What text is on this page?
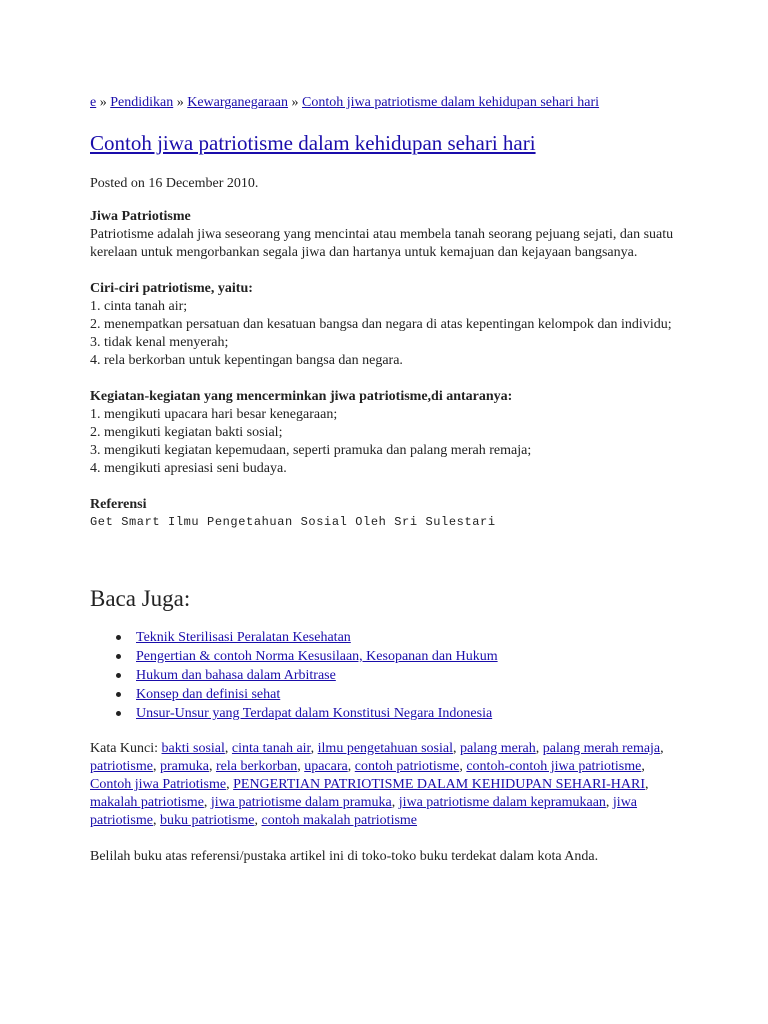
e » Pendidikan » Kewarganegaraan » Contoh jiwa patriotisme dalam kehidupan sehari hari
Contoh jiwa patriotisme dalam kehidupan sehari hari
Posted on 16 December 2010.
Jiwa Patriotisme

Patriotisme adalah jiwa seseorang yang mencintai atau membela tanah seorang pejuang sejati, dan suatu kerelaan untuk mengorbankan segala jiwa dan hartanya untuk kemajuan dan kejayaan bangsanya.

Ciri-ciri patriotisme, yaitu:

1. cinta tanah air;

2. menempatkan persatuan dan kesatuan bangsa dan negara di atas kepentingan kelompok dan individu;

3. tidak kenal menyerah;

4. rela berkorban untuk kepentingan bangsa dan negara.

Kegiatan-kegiatan yang mencerminkan jiwa patriotisme,di antaranya:

1. mengikuti upacara hari besar kenegaraan;

2. mengikuti kegiatan bakti sosial;

3. mengikuti kegiatan kepemudaan, seperti pramuka dan palang merah remaja;

4. mengikuti apresiasi seni budaya.

Referensi

Get Smart Ilmu Pengetahuan Sosial Oleh Sri Sulestari

Baca Juga:
Teknik Sterilisasi Peralatan Kesehatan
Pengertian & contoh Norma Kesusilaan, Kesopanan dan Hukum
Hukum dan bahasa dalam Arbitrase
Konsep dan definisi sehat
Unsur-Unsur yang Terdapat dalam Konstitusi Negara Indonesia
Kata Kunci: bakti sosial, cinta tanah air, ilmu pengetahuan sosial, palang merah, palang merah remaja, patriotisme, pramuka, rela berkorban, upacara, contoh patriotisme, contoh-contoh jiwa patriotisme, Contoh jiwa Patriotisme, PENGERTIAN PATRIOTISME DALAM KEHIDUPAN SEHARI-HARI, makalah patriotisme, jiwa patriotisme dalam pramuka, jiwa patriotisme dalam kepramukaan, jiwa patriotisme, buku patriotisme, contoh makalah patriotisme
Belilah buku atas referensi/pustaka artikel ini di toko-toko buku terdekat dalam kota Anda.
